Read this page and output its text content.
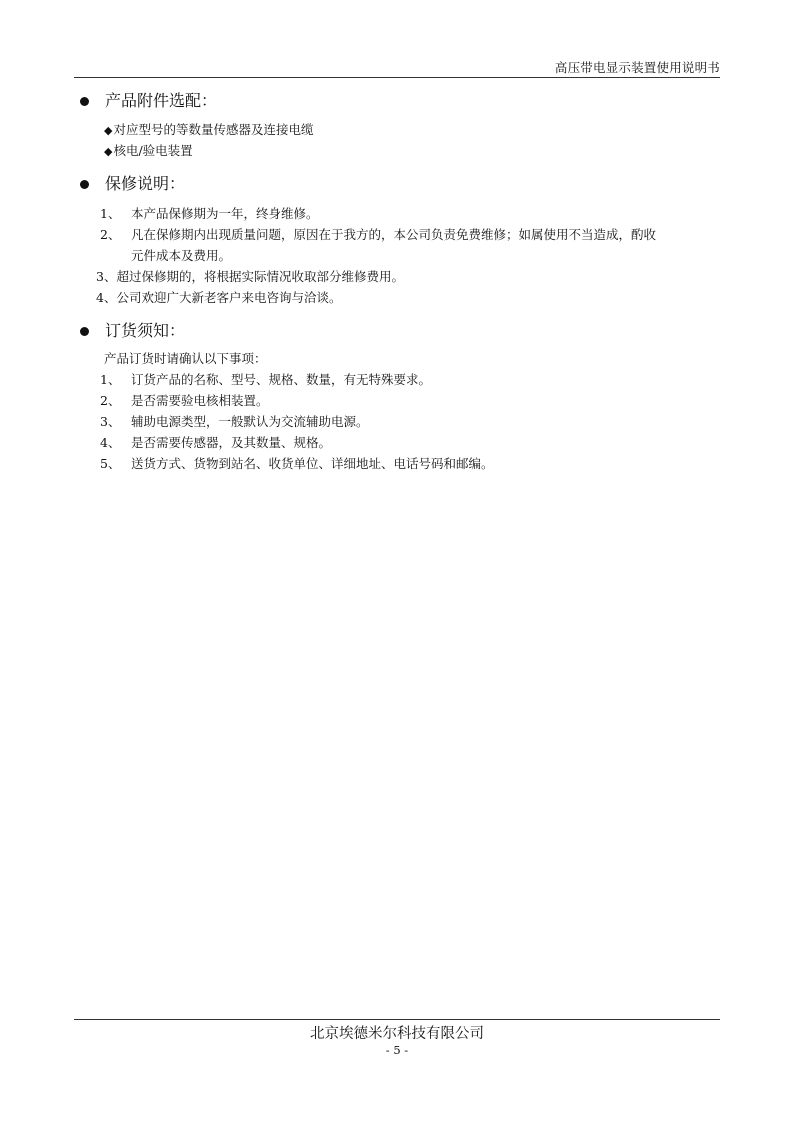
高压带电显示装置使用说明书
产品附件选配：
◆对应型号的等数量传感器及连接电缆
◆核电/验电装置
保修说明：
1、 本产品保修期为一年，终身维修。
2、 凡在保修期内出现质量问题，原因在于我方的，本公司负责免费维修；如属使用不当造成，酌收
元件成本及费用。
3、超过保修期的，将根据实际情况收取部分维修费用。
4、公司欢迎广大新老客户来电咨询与洽谈。
订货须知：
产品订货时请确认以下事项：
1、 订货产品的名称、型号、规格、数量，有无特殊要求。
2、 是否需要验电核相装置。
3、 辅助电源类型，一般默认为交流辅助电源。
4、 是否需要传感器，及其数量、规格。
5、 送货方式、货物到站名、收货单位、详细地址、电话号码和邮编。
北京埃德米尔科技有限公司
- 5 -
